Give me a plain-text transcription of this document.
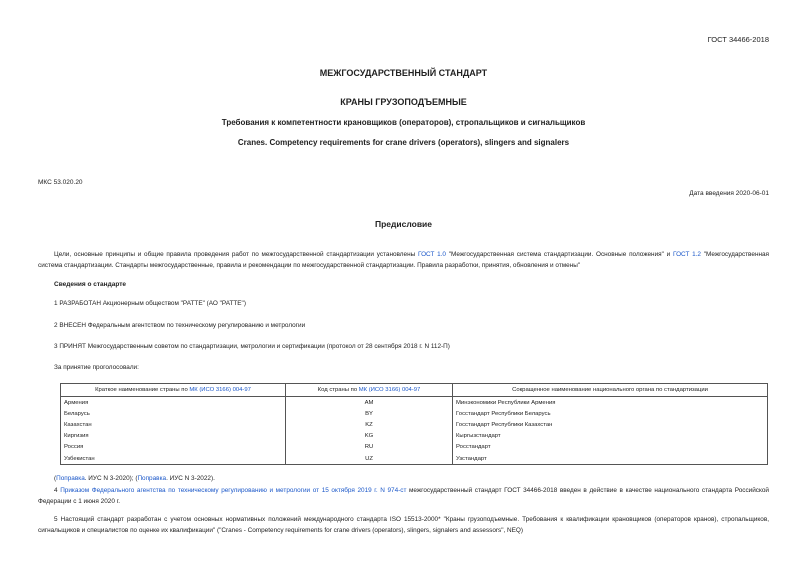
ГОСТ 34466-2018
МЕЖГОСУДАРСТВЕННЫЙ СТАНДАРТ
КРАНЫ ГРУЗОПОДЪЕМНЫЕ
Требования к компетентности крановщиков (операторов), стропальщиков и сигнальщиков
Cranes. Competency requirements for crane drivers (operators), slingers and signalers
МКС 53.020.20
Дата введения 2020-06-01
Предисловие
Цели, основные принципы и общие правила проведения работ по межгосударственной стандартизации установлены ГОСТ 1.0 "Межгосударственная система стандартизации. Основные положения" и ГОСТ 1.2 "Межгосударственная система стандартизации. Стандарты межгосударственные, правила и рекомендации по межгосударственной стандартизации. Правила разработки, принятия, обновления и отмены"
Сведения о стандарте
1 РАЗРАБОТАН Акционерным обществом "РАТТЕ" (АО "РАТТЕ")
2 ВНЕСЕН Федеральным агентством по техническому регулированию и метрологии
3 ПРИНЯТ Межгосударственным советом по стандартизации, метрологии и сертификации (протокол от 28 сентября 2018 г. N 112-П)
За принятие проголосовали:
Краткое наименование страны по МК (ИСО 3166) 004-97	Код страны по МК (ИСО 3166) 004-97	Сокращенное наименование национального органа по стандартизации
Армения	AM	Минэкономики Республики Армения
Беларусь	BY	Госстандарт Республики Беларусь
Казахстан	KZ	Госстандарт Республики Казахстан
Киргизия	KG	Кыргызстандарт
Россия	RU	Росстандарт
Узбекистан	UZ	Узстандарт
(Поправка. ИУС N 3-2020); (Поправка. ИУС N 3-2022).
4 Приказом Федерального агентства по техническому регулированию и метрологии от 15 октября 2019 г. N 974-ст межгосударственный стандарт ГОСТ 34466-2018 введен в действие в качестве национального стандарта Российской Федерации с 1 июня 2020 г.
5 Настоящий стандарт разработан с учетом основных нормативных положений международного стандарта ISO 15513-2000* "Краны грузоподъемные. Требования к квалификации крановщиков (операторов кранов), стропальщиков, сигнальщиков и специалистов по оценке их квалификации" ("Cranes - Competency requirements for crane drivers (operators), slingers, signalers and assessors", NEQ)
